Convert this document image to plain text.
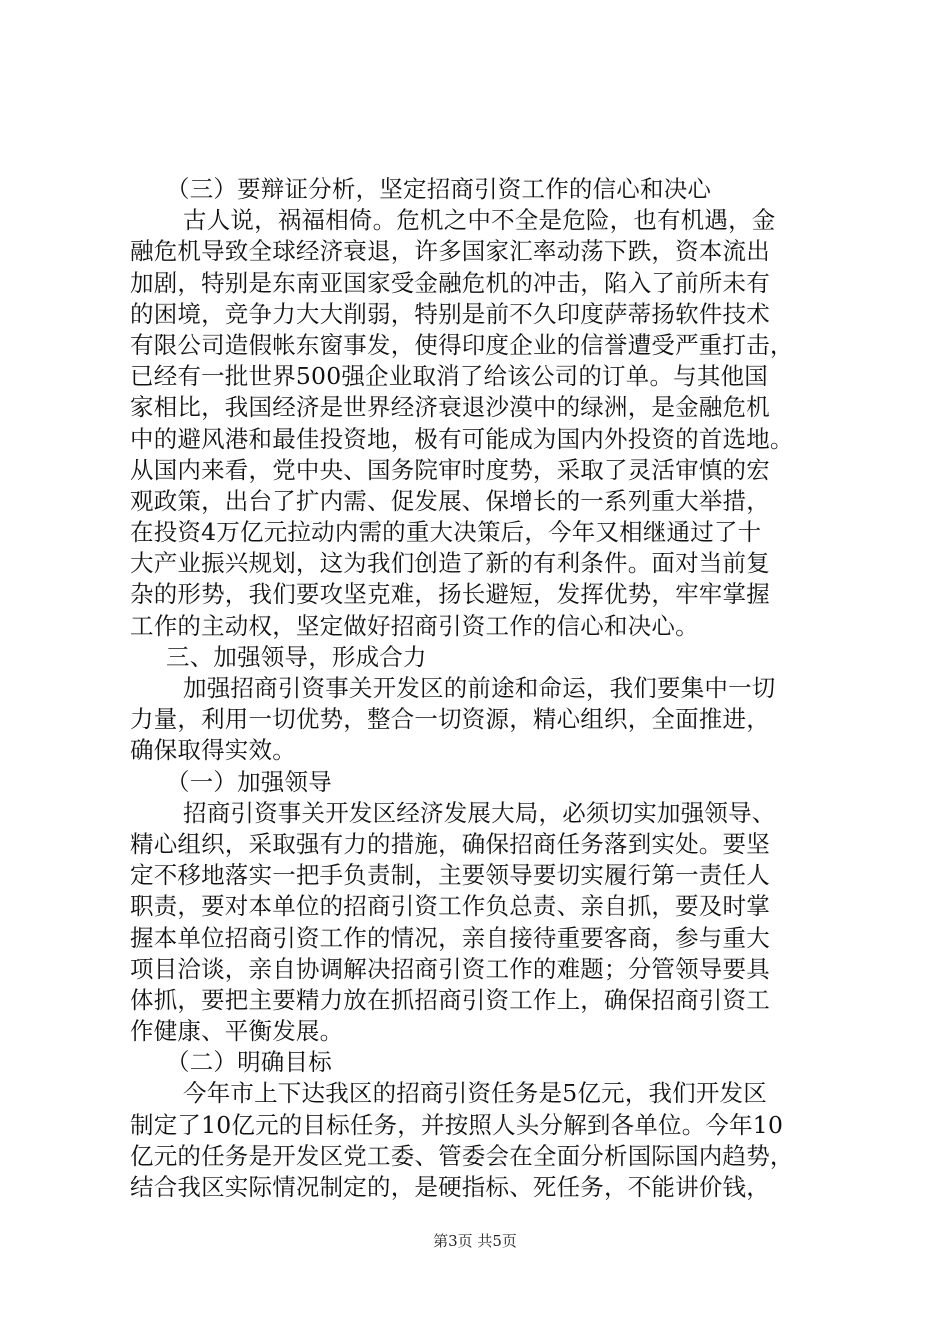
（三）要辩证分析，坚定招商引资工作的信心和决心
古人说，祸福相倚。危机之中不全是危险，也有机遇，金
融危机导致全球经济衰退，许多国家汇率动荡下跌，资本流出
加剧，特别是东南亚国家受金融危机的冲击，陷入了前所未有
的困境，竞争力大大削弱，特别是前不久印度萨蒂扬软件技术
有限公司造假帐东窗事发，使得印度企业的信誉遭受严重打击，
已经有一批世界500强企业取消了给该公司的订单。与其他国
家相比，我国经济是世界经济衰退沙漠中的绿洲，是金融危机
中的避风港和最佳投资地，极有可能成为国内外投资的首选地。
从国内来看，党中央、国务院审时度势，采取了灵活审慎的宏
观政策，出台了扩内需、促发展、保增长的一系列重大举措，
在投资4万亿元拉动内需的重大决策后，今年又相继通过了十
大产业振兴规划，这为我们创造了新的有利条件。面对当前复
杂的形势，我们要攻坚克难，扬长避短，发挥优势，牢牢掌握
工作的主动权，坚定做好招商引资工作的信心和决心。
三、加强领导，形成合力
加强招商引资事关开发区的前途和命运，我们要集中一切
力量，利用一切优势，整合一切资源，精心组织，全面推进，
确保取得实效。
（一）加强领导
招商引资事关开发区经济发展大局，必须切实加强领导、
精心组织，采取强有力的措施，确保招商任务落到实处。要坚
定不移地落实一把手负责制，主要领导要切实履行第一责任人
职责，要对本单位的招商引资工作负总责、亲自抓，要及时掌
握本单位招商引资工作的情况，亲自接待重要客商，参与重大
项目洽谈，亲自协调解决招商引资工作的难题；分管领导要具
体抓，要把主要精力放在抓招商引资工作上，确保招商引资工
作健康、平衡发展。
（二）明确目标
今年市上下达我区的招商引资任务是5亿元，我们开发区
制定了10亿元的目标任务，并按照人头分解到各单位。今年10
亿元的任务是开发区党工委、管委会在全面分析国际国内趋势，
结合我区实际情况制定的，是硬指标、死任务，不能讲价钱，
第3页 共5页
